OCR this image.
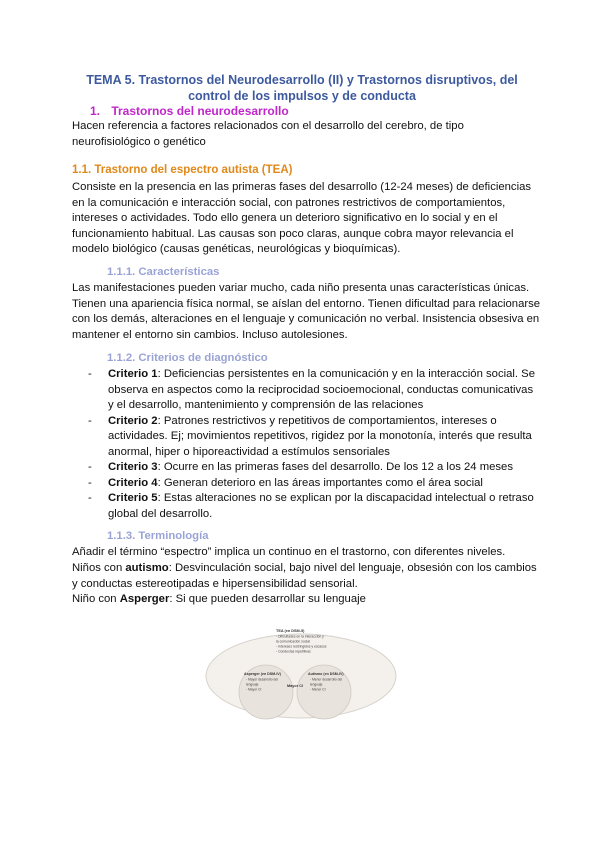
TEMA 5. Trastornos del Neurodesarrollo (II) y Trastornos disruptivos, del control de los impulsos y de conducta
1. Trastornos del neurodesarrollo
Hacen referencia a factores relacionados con el desarrollo del cerebro, de tipo neurofisiológico o genético
1.1. Trastorno del espectro autista (TEA)
Consiste en la presencia en las primeras fases del desarrollo (12-24 meses) de deficiencias en la comunicación e interacción social, con patrones restrictivos de comportamientos, intereses o actividades. Todo ello genera un deterioro significativo en lo social y en el funcionamiento habitual. Las causas son poco claras, aunque cobra mayor relevancia el modelo biológico (causas genéticas, neurológicas y bioquímicas).
1.1.1. Características
Las manifestaciones pueden variar mucho, cada niño presenta unas características únicas. Tienen una apariencia física normal, se aíslan del entorno. Tienen dificultad para relacionarse con los demás, alteraciones en el lenguaje y comunicación no verbal. Insistencia obsesiva en mantener el entorno sin cambios. Incluso autolesiones.
1.1.2. Criterios de diagnóstico
- Criterio 1: Deficiencias persistentes en la comunicación y en la interacción social. Se observa en aspectos como la reciprocidad socioemocional, conductas comunicativas y el desarrollo, mantenimiento y comprensión de las relaciones
- Criterio 2: Patrones restrictivos y repetitivos de comportamientos, intereses o actividades. Ej; movimientos repetitivos, rigidez por la monotonía, interés que resulta anormal, hiper o hiporeactividad a estímulos sensoriales
- Criterio 3: Ocurre en las primeras fases del desarrollo. De los 12 a los 24 meses
- Criterio 4: Generan deterioro en las áreas importantes como el área social
- Criterio 5: Estas alteraciones no se explican por la discapacidad intelectual o retraso global del desarrollo.
1.1.3. Terminología
Añadir el término “espectro” implica un continuo en el trastorno, con diferentes niveles.
Niños con autismo: Desvinculación social, bajo nivel del lenguaje, obsesión con los cambios y conductas estereotipadas e hipersensibilidad sensorial.
Niño con Asperger: Si que pueden desarrollar su lenguaje
TEA (en DSM-5)
- Dificultades en la interacción y
la comunicación social
- Intereses restringidos y escasos
- Conductas repetitivas
Asperger (en DSM-IV)
- Mayor desarrollo del
lenguaje
- Mayor CI
Mayor CI
Autismo (en DSM-IV)
- Menor desarrollo del
lenguaje
- Menor CI
